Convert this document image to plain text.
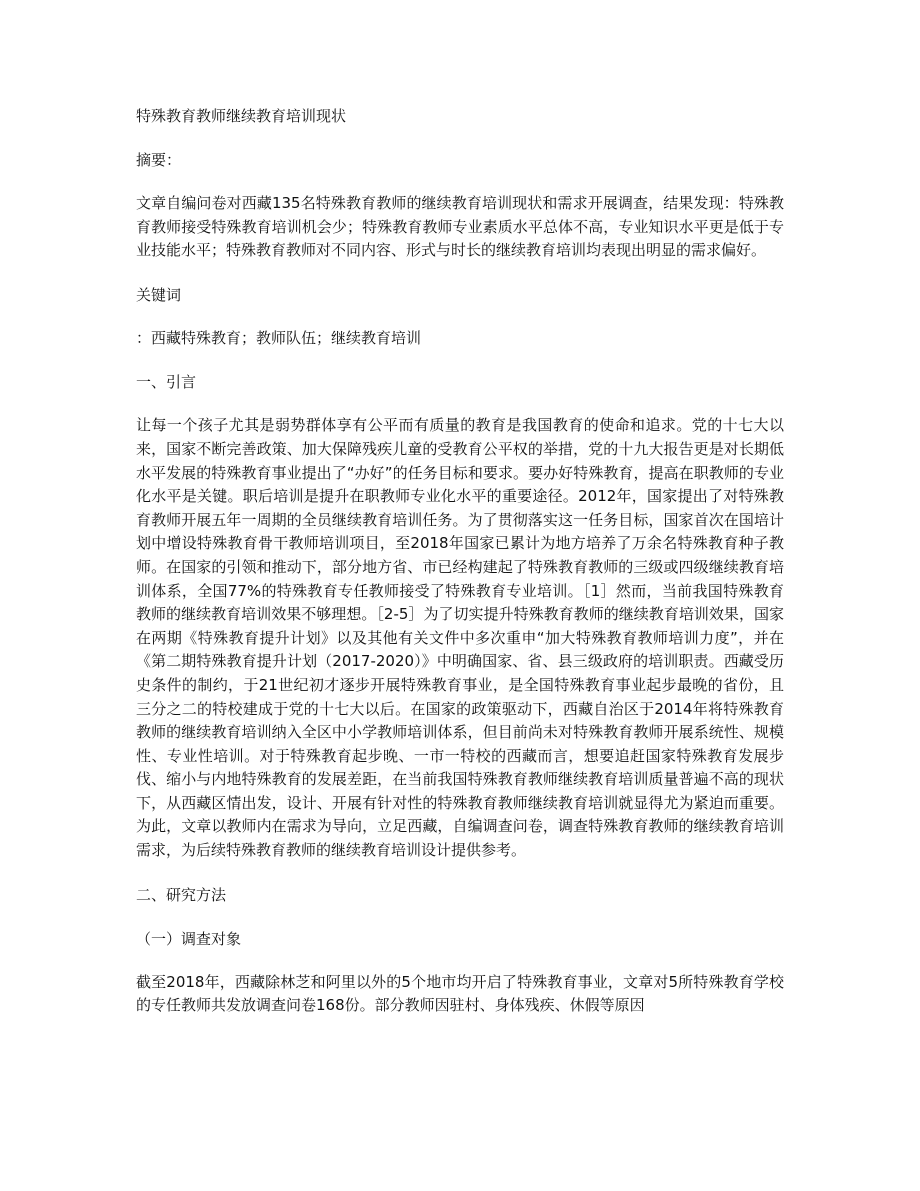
特殊教育教师继续教育培训现状
摘要：
文章自编问卷对西藏135名特殊教育教师的继续教育培训现状和需求开展调查，结果发现：特殊教育教师接受特殊教育培训机会少；特殊教育教师专业素质水平总体不高，专业知识水平更是低于专业技能水平；特殊教育教师对不同内容、形式与时长的继续教育培训均表现出明显的需求偏好。
关键词
：西藏特殊教育；教师队伍；继续教育培训
一、引言
让每一个孩子尤其是弱势群体享有公平而有质量的教育是我国教育的使命和追求。党的十七大以来，国家不断完善政策、加大保障残疾儿童的受教育公平权的举措，党的十九大报告更是对长期低水平发展的特殊教育事业提出了“办好”的任务目标和要求。要办好特殊教育，提高在职教师的专业化水平是关键。职后培训是提升在职教师专业化水平的重要途径。2012年，国家提出了对特殊教育教师开展五年一周期的全员继续教育培训任务。为了贯彻落实这一任务目标，国家首次在国培计划中增设特殊教育骨干教师培训项目，至2018年国家已累计为地方培养了万余名特殊教育种子教师。在国家的引领和推动下，部分地方省、市已经构建起了特殊教育教师的三级或四级继续教育培训体系，全国77%的特殊教育专任教师接受了特殊教育专业培训。［1］然而，当前我国特殊教育教师的继续教育培训效果不够理想。［2-5］为了切实提升特殊教育教师的继续教育培训效果，国家在两期《特殊教育提升计划》以及其他有关文件中多次重申“加大特殊教育教师培训力度”，并在《第二期特殊教育提升计划（2017-2020）》中明确国家、省、县三级政府的培训职责。西藏受历史条件的制约，于21世纪初才逐步开展特殊教育事业，是全国特殊教育事业起步最晚的省份，且三分之二的特校建成于党的十七大以后。在国家的政策驱动下，西藏自治区于2014年将特殊教育教师的继续教育培训纳入全区中小学教师培训体系，但目前尚未对特殊教育教师开展系统性、规模性、专业性培训。对于特殊教育起步晚、一市一特校的西藏而言，想要追赶国家特殊教育发展步伐、缩小与内地特殊教育的发展差距，在当前我国特殊教育教师继续教育培训质量普遍不高的现状下，从西藏区情出发，设计、开展有针对性的特殊教育教师继续教育培训就显得尤为紧迫而重要。为此，文章以教师内在需求为导向，立足西藏，自编调查问卷，调查特殊教育教师的继续教育培训需求，为后续特殊教育教师的继续教育培训设计提供参考。
二、研究方法
（一）调查对象
截至2018年，西藏除林芝和阿里以外的5个地市均开启了特殊教育事业，文章对5所特殊教育学校的专任教师共发放调查问卷168份。部分教师因驻村、身体残疾、休假等原因
